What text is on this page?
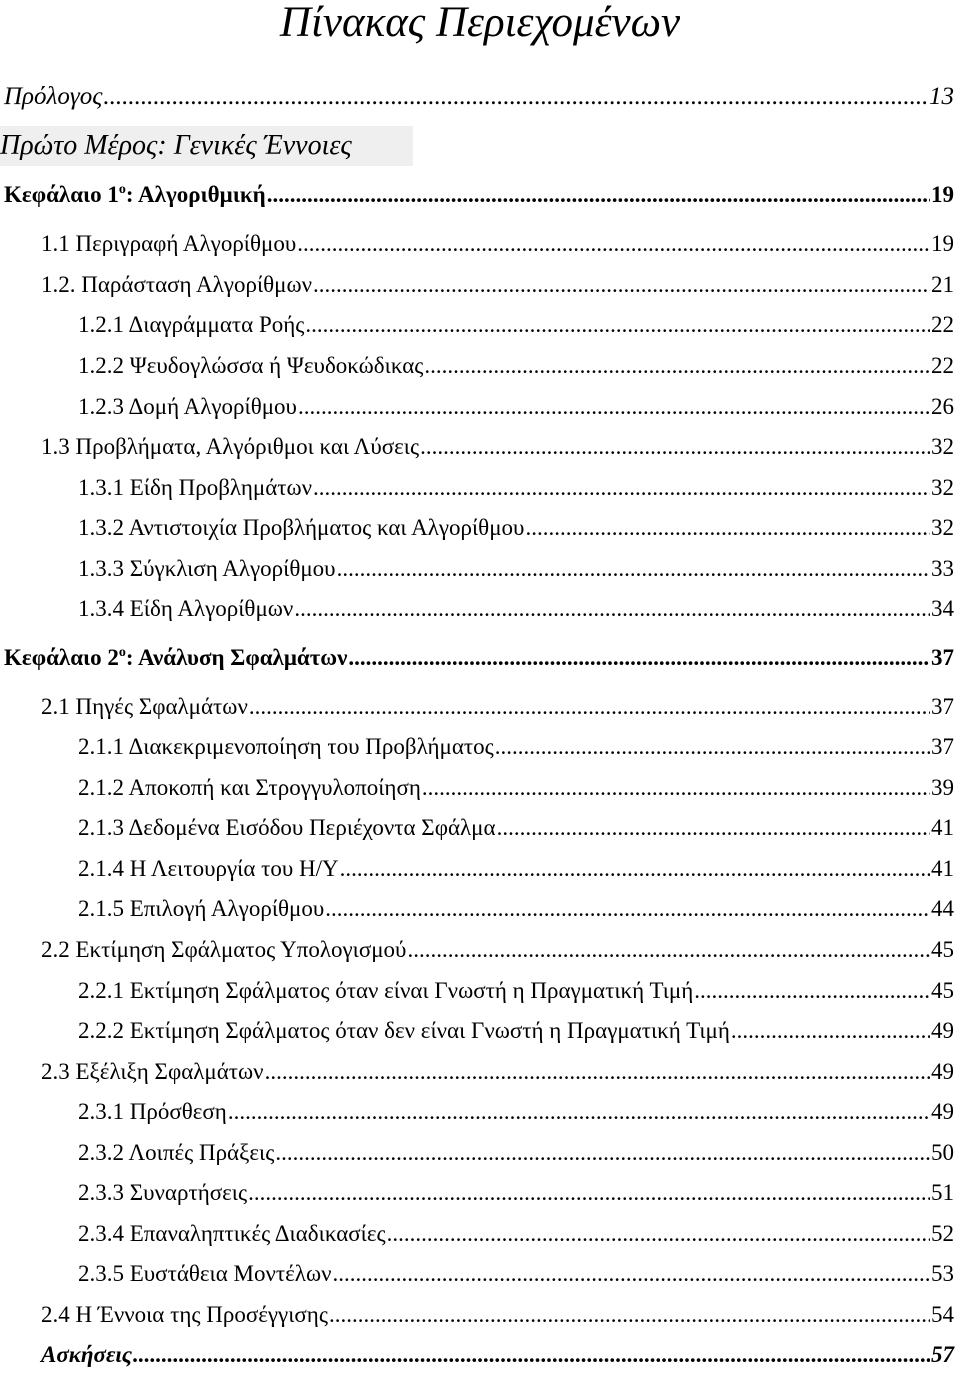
Πίνακας Περιεχομένων
Πρόλογος .....	13
Πρώτο Μέρος: Γενικές Έννοιες
Κεφάλαιο $1^o$: Αλγοριθμική .....	19
1.1 Περιγραφή Αλγορίθμου .....	19
1.2. Παράσταση Αλγορίθμων .....	21
1.2.1 Διαγράμματα Ροής .....	22
1.2.2 Ψευδογλώσσα ή Ψευδοκώδικας .....	22
1.2.3 Δομή Αλγορίθμου .....	26
1.3 Προβλήματα, Αλγόριθμοι και Λύσεις .....	32
1.3.1 Είδη Προβλημάτων .....	32
1.3.2 Αντιστοιχία Προβλήματος και Αλγορίθμου .....	32
1.3.3 Σύγκλιση Αλγορίθμου .....	33
1.3.4 Είδη Αλγορίθμων .....	34
Κεφάλαιο $2^o$: Ανάλυση Σφαλμάτων .....	37
2.1 Πηγές Σφαλμάτων .....	37
2.1.1 Διακεκριμενοποίηση του Προβλήματος .....	37
2.1.2 Αποκοπή και Στρογγυλοποίηση .....	39
2.1.3 Δεδομένα Εισόδου Περιέχοντα Σφάλμα .....	41
2.1.4 Η Λειτουργία του Η/Υ .....	41
2.1.5 Επιλογή Αλγορίθμου .....	44
2.2 Εκτίμηση Σφάλματος Υπολογισμού .....	45
2.2.1 Εκτίμηση Σφάλματος όταν είναι Γνωστή η Πραγματική Τιμή .....	45
2.2.2 Εκτίμηση Σφάλματος όταν δεν είναι Γνωστή η Πραγματική Τιμή .....	49
2.3 Εξέλιξη Σφαλμάτων .....	49
2.3.1 Πρόσθεση .....	49
2.3.2 Λοιπές Πράξεις .....	50
2.3.3 Συναρτήσεις .....	51
2.3.4 Επαναληπτικές Διαδικασίες .....	52
2.3.5 Ευστάθεια Μοντέλων .....	53
2.4 Η Έννοια της Προσέγγισης .....	54
Ασκήσεις .....	57
